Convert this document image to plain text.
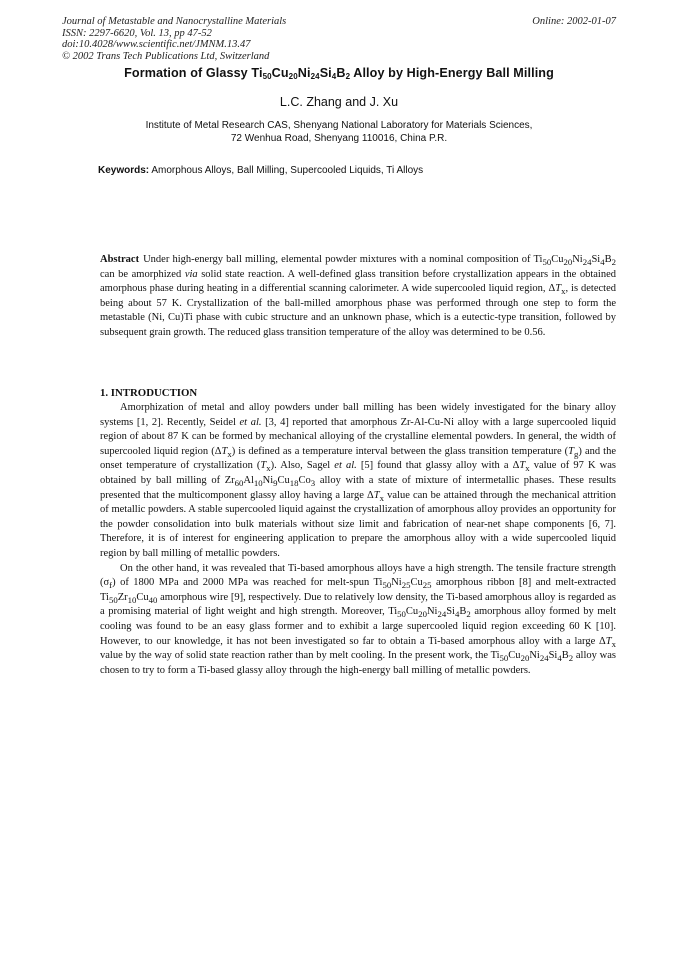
Journal of Metastable and Nanocrystalline Materials
ISSN: 2297-6620, Vol. 13, pp 47-52
doi:10.4028/www.scientific.net/JMNM.13.47
© 2002 Trans Tech Publications Ltd, Switzerland
Online: 2002-01-07
Formation of Glassy $Ti_{50}Cu_{20}Ni_{24}Si_4B_2$ Alloy by High-Energy Ball Milling
L.C. Zhang and J. Xu
Institute of Metal Research CAS, Shenyang National Laboratory for Materials Sciences,
72 Wenhua Road, Shenyang 110016, China P.R.
Keywords: Amorphous Alloys, Ball Milling, Supercooled Liquids, Ti Alloys

Abstract Under high-energy ball milling, elemental powder mixtures with a nominal composition of $Ti_{50}Cu_{20}Ni_{24}Si_4B_2$ can be amorphized via solid state reaction. A well-defined glass transition before crystallization appears in the obtained amorphous phase during heating in a differential scanning calorimeter. A wide supercooled liquid region, $\Delta T_x$, is detected being about 57 K. Crystallization of the ball-milled amorphous phase was performed through one step to form the metastable (Ni, Cu)Ti phase with cubic structure and an unknown phase, which is a eutectic-type transition, followed by subsequent grain growth. The reduced glass transition temperature of the alloy was determined to be 0.56.

1. INTRODUCTION

Amorphization of metal and alloy powders under ball milling has been widely investigated for the binary alloy systems [1, 2]. Recently, Seidel et al. [3, 4] reported that amorphous Zr-Al-Cu-Ni alloy with a large supercooled liquid region of about 87 K can be formed by mechanical alloying of the crystalline elemental powders. In general, the width of supercooled liquid region $(\Delta T_x)$ is defined as a temperature interval between the glass transition temperature $(T_g)$ and the onset temperature of crystallization $(T_x)$. Also, Sagel et al. [5] found that glassy alloy with a $\Delta T_x$ value of 97 K was obtained by ball milling of $Zr_{60}Al_{10}Ni_9Cu_{18}Co_3$ alloy with a state of mixture of intermetallic phases. These results presented that the multicomponent glassy alloy having a large $\Delta T_x$ value can be attained through the mechanical attrition of metallic powders. A stable supercooled liquid against the crystallization of amorphous alloy provides an opportunity for the powder consolidation into bulk materials without size limit and fabrication of near-net shape components [6, 7]. Therefore, it is of interest for engineering application to prepare the amorphous alloy with a wide supercooled liquid region by ball milling of metallic powders.

On the other hand, it was revealed that Ti-based amorphous alloys have a high strength. The tensile fracture strength $(\sigma_f)$ of 1800 MPa and 2000 MPa was reached for melt-spun $Ti_{50}Ni_{25}Cu_{25}$ amorphous ribbon [8] and melt-extracted $Ti_{50}Zr_{10}Cu_{40}$ amorphous wire [9], respectively. Due to relatively low density, the Ti-based amorphous alloy is regarded as a promising material of light weight and high strength. Moreover, $Ti_{50}Cu_{20}Ni_{24}Si_4B_2$ amorphous alloy formed by melt cooling was found to be an easy glass former and to exhibit a large supercooled liquid region exceeding 60 K [10]. However, to our knowledge, it has not been investigated so far to obtain a Ti-based amorphous alloy with a large $\Delta T_x$ value by the way of solid state reaction rather than by melt cooling. In the present work, the $Ti_{50}Cu_{20}Ni_{24}Si_4B_2$ alloy was chosen to try to form a Ti-based glassy alloy through the high-energy ball milling of metallic powders.
